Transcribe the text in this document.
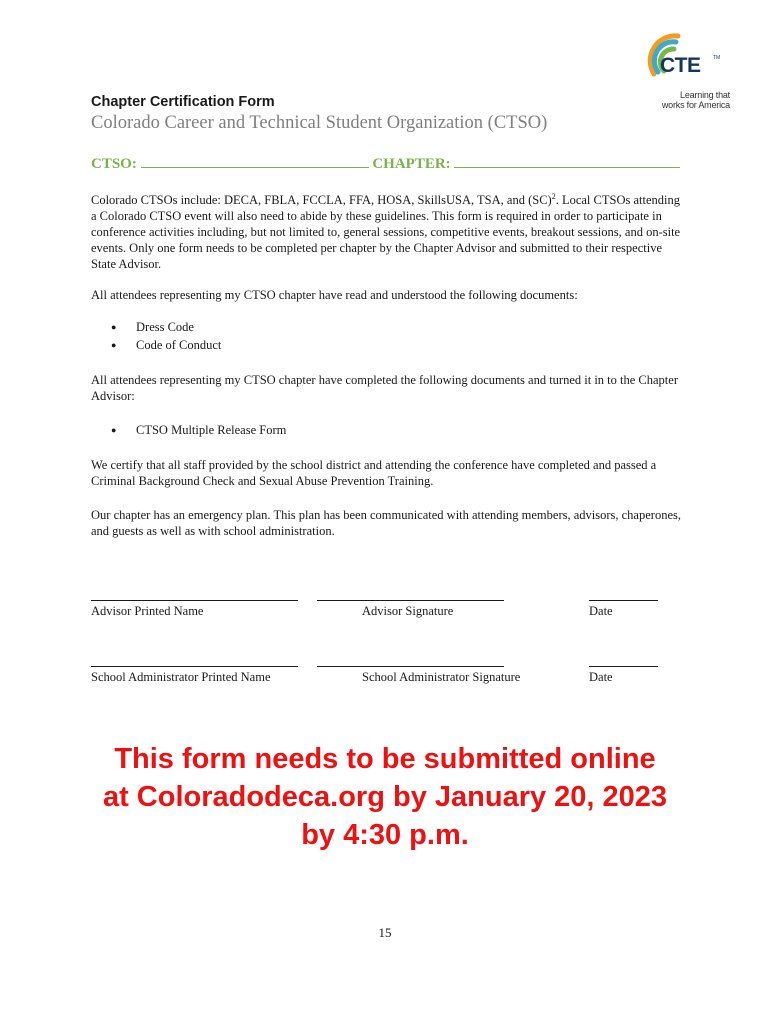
CTE	TM
Learning that
works for America
Chapter Certification Form
Colorado Career and Technical Student Organization (CTSO)
CTSO:	CHAPTER:

Colorado CTSOs include: DECA, FBLA, FCCLA, FFA, HOSA, SkillsUSA, TSA, and (SC)$^2$. Local CTSOs attending a Colorado CTSO event will also need to abide by these guidelines. This form is required in order to participate in conference activities including, but not limited to, general sessions, competitive events, breakout sessions, and on-site events. Only one form needs to be completed per chapter by the Chapter Advisor and submitted to their respective State Advisor.

All attendees representing my CTSO chapter have read and understood the following documents:

● Dress Code
● Code of Conduct

All attendees representing my CTSO chapter have completed the following documents and turned it in to the Chapter Advisor:

● CTSO Multiple Release Form

We certify that all staff provided by the school district and attending the conference have completed and passed a Criminal Background Check and Sexual Abuse Prevention Training.

Our chapter has an emergency plan. This plan has been communicated with attending members, advisors, chaperones, and guests as well as with school administration.

Advisor Printed Name	Advisor Signature	Date
School Administrator Printed Name	School Administrator Signature	Date
This form needs to be submitted online
at Coloradodeca.org by January 20, 2023
by 4:30 p.m.
15
